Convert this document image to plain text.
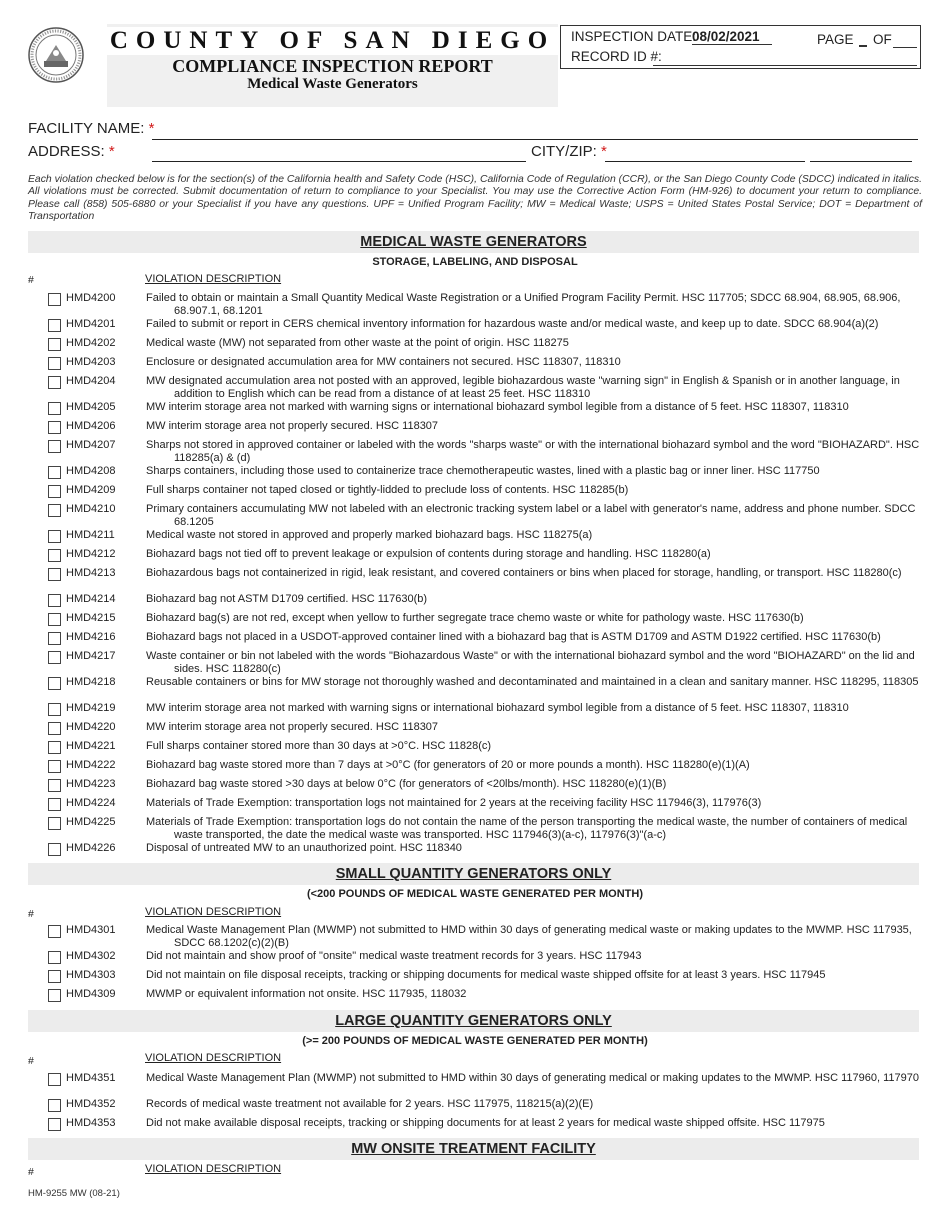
COUNTY OF SAN DIEGO
COMPLIANCE INSPECTION REPORT
Medical Waste Generators
INSPECTION DATE:
08/02/2021	PAGE OF
RECORD ID #:
FACILITY NAME: *
ADDRESS: *	CITY/ZIP: *
Each violation checked below is for the section(s) of the California health and Safety Code (HSC), California Code of Regulation (CCR), or the San Diego County Code (SDCC) indicated in italics. All violations must be corrected. Submit documentation of return to compliance to your Specialist. You may use the Corrective Action Form (HM-926) to document your return to compliance. Please call (858) 505-6880 or your Specialist if you have any questions. UPF = Unified Program Facility; MW = Medical Waste; USPS = United States Postal Service; DOT = Department of Transportation
MEDICAL WASTE GENERATORS
STORAGE, LABELING, AND DISPOSAL
#	VIOLATION DESCRIPTION
HMD4200	Failed to obtain or maintain a Small Quantity Medical Waste Registration or a Unified Program Facility Permit. HSC 117705; SDCC 68.904, 68.905, 68.906, 68.907.1, 68.1201
HMD4201	Failed to submit or report in CERS chemical inventory information for hazardous waste and/or medical waste, and keep up to date. SDCC 68.904(a)(2)
HMD4202	Medical waste (MW) not separated from other waste at the point of origin. HSC 118275
HMD4203	Enclosure or designated accumulation area for MW containers not secured. HSC 118307, 118310
HMD4204	MW designated accumulation area not posted with an approved, legible biohazardous waste "warning sign" in English & Spanish or in another language, in addition to English which can be read from a distance of at least 25 feet. HSC 118310
HMD4205	MW interim storage area not marked with warning signs or international biohazard symbol legible from a distance of 5 feet. HSC 118307, 118310
HMD4206	MW interim storage area not properly secured. HSC 118307
HMD4207	Sharps not stored in approved container or labeled with the words "sharps waste" or with the international biohazard symbol and the word "BIOHAZARD". HSC 118285(a) & (d)
HMD4208	Sharps containers, including those used to containerize trace chemotherapeutic wastes, lined with a plastic bag or inner liner. HSC 117750
HMD4209	Full sharps container not taped closed or tightly-lidded to preclude loss of contents. HSC 118285(b)
HMD4210	Primary containers accumulating MW not labeled with an electronic tracking system label or a label with generator's name, address and phone number. SDCC 68.1205
HMD4211	Medical waste not stored in approved and properly marked biohazard bags. HSC 118275(a)
HMD4212	Biohazard bags not tied off to prevent leakage or expulsion of contents during storage and handling. HSC 118280(a)
HMD4213	Biohazardous bags not containerized in rigid, leak resistant, and covered containers or bins when placed for storage, handling, or transport. HSC 118280(c)
HMD4214	Biohazard bag not ASTM D1709 certified. HSC 117630(b)
HMD4215	Biohazard bag(s) are not red, except when yellow to further segregate trace chemo waste or white for pathology waste. HSC 117630(b)
HMD4216	Biohazard bags not placed in a USDOT-approved container lined with a biohazard bag that is ASTM D1709 and ASTM D1922 certified. HSC 117630(b)
HMD4217	Waste container or bin not labeled with the words "Biohazardous Waste" or with the international biohazard symbol and the word "BIOHAZARD" on the lid and sides. HSC 118280(c)
HMD4218	Reusable containers or bins for MW storage not thoroughly washed and decontaminated and maintained in a clean and sanitary manner. HSC 118295, 118305
HMD4219	MW interim storage area not marked with warning signs or international biohazard symbol legible from a distance of 5 feet. HSC 118307, 118310
HMD4220	MW interim storage area not properly secured. HSC 118307
HMD4221	Full sharps container stored more than 30 days at >0°C. HSC 11828(c)
HMD4222	Biohazard bag waste stored more than 7 days at >0°C (for generators of 20 or more pounds a month). HSC 118280(e)(1)(A)
HMD4223	Biohazard bag waste stored >30 days at below 0°C (for generators of <20lbs/month). HSC 118280(e)(1)(B)
HMD4224	Materials of Trade Exemption: transportation logs not maintained for 2 years at the receiving facility HSC 117946(3), 117976(3)
HMD4225	Materials of Trade Exemption: transportation logs do not contain the name of the person transporting the medical waste, the number of containers of medical waste transported, the date the medical waste was transported. HSC 117946(3)(a-c), 117976(3)"(a-c)
HMD4226	Disposal of untreated MW to an unauthorized point. HSC 118340
SMALL QUANTITY GENERATORS ONLY
(<200 POUNDS OF MEDICAL WASTE GENERATED PER MONTH)
#	VIOLATION DESCRIPTION
HMD4301	Medical Waste Management Plan (MWMP) not submitted to HMD within 30 days of generating medical waste or making updates to the MWMP. HSC 117935, SDCC 68.1202(c)(2)(B)
HMD4302	Did not maintain and show proof of "onsite" medical waste treatment records for 3 years. HSC 117943
HMD4303	Did not maintain on file disposal receipts, tracking or shipping documents for medical waste shipped offsite for at least 3 years. HSC 117945
HMD4309	MWMP or equivalent information not onsite. HSC 117935, 118032
LARGE QUANTITY GENERATORS ONLY
(>= 200 POUNDS OF MEDICAL WASTE GENERATED PER MONTH)
#	VIOLATION DESCRIPTION
HMD4351	Medical Waste Management Plan (MWMP) not submitted to HMD within 30 days of generating medical or making updates to the MWMP. HSC 117960, 117970
HMD4352	Records of medical waste treatment not available for 2 years. HSC 117975, 118215(a)(2)(E)
HMD4353	Did not make available disposal receipts, tracking or shipping documents for at least 2 years for medical waste shipped offsite. HSC 117975
MW ONSITE TREATMENT FACILITY
#	VIOLATION DESCRIPTION
HM-9255 MW (08-21)
